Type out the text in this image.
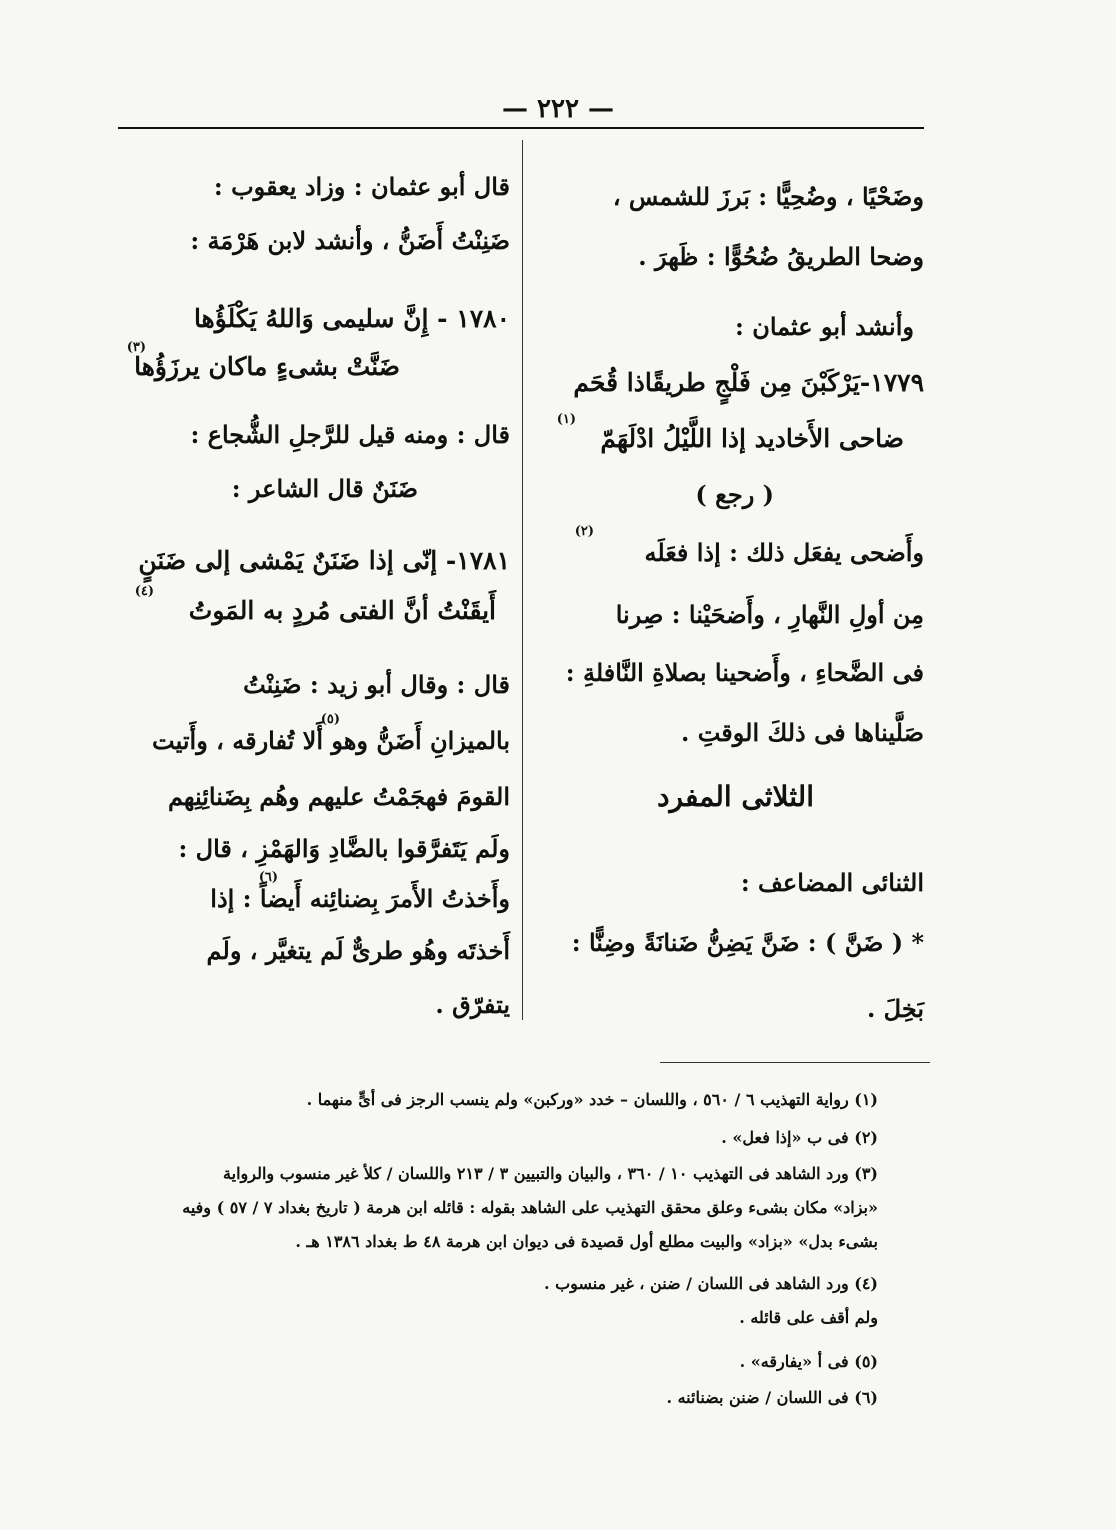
— ٢٢٢ —
وضَحْيًا ، وضُحِيًّا : بَرزَ للشمس ،
وضحا الطريقُ ضُحُوًّا : ظَهرَ .
وأنشد أبو عثمان :
١٧٧٩-يَرْكَبْنَ مِن فَلْجٍ طريقًاذا قُحَم
ضاحى الأَخاديد إذا اللَّيْلُ ادْلَهَمّ
(١)
( رجع )
وأَضحى يفعَل ذلك : إذا فعَلَه
(٢)
مِن أولِ النَّهارِ ، وأَضحَيْنا : صِرنا
فى الضَّحاءِ ، وأَضحينا بصلاةِ النَّافلةِ :
صَلَّيناها فى ذلكَ الوقتِ .
الثلاثى المفرد
الثنائى المضاعف :
* ( ضَنَّ ) : ضَنَّ يَضِنُّ ضَنانَةً وضِنًّا :
بَخِلَ .
قال أبو عثمان : وزاد يعقوب :
ضَنِنْتُ أَضَنُّ ، وأنشد لابن هَرْمَة :
١٧٨٠ - إِنَّ سليمى وَاللهُ يَكْلَؤُها
ضَنَّتْ بشىءٍ ماكان يرزَؤُها
(٣)
قال : ومنه قيل للرَّجلِ الشُّجاع :
ضَنَنٌ قال الشاعر :
١٧٨١- إنّى إذا ضَنَنٌ يَمْشى إلى ضَنَنٍ
أَيقَنْتُ أنَّ الفتى مُردٍ به المَوتُ
(٤)
قال : وقال أبو زيد : ضَنِنْتُ
بالميزانِ أَضَنُّ وهو أَلا تُفارقه ، وأَتيت
(٥)
القومَ فهجَمْتُ عليهم وهُم بِضَنائِنِهم
ولَم يَتَفرَّقوا بالضَّادِ وَالهَمْزِ ، قال :
وأَخذتُ الأَمرَ بِضنائِنه أَيضاً : إذا
(٦)
أَخذتَه وهُو طرىٌّ لَم يتغيَّر ، ولَم
يتفرّق .
(١) رواية التهذيب ٦ / ٥٦٠ ، واللسان – خدد «وركبن» ولم ينسب الرجز فى أىٍّ منهما .
(٢) فى ب «إذا فعل» .
(٣) ورد الشاهد فى التهذيب ١٠ / ٣٦٠ ، والبيان والتبيين ٣ / ٢١٣ واللسان / كلأ غير منسوب والرواية
«بزاد» مكان بشىء وعلق محقق التهذيب على الشاهد بقوله : قائله ابن هرمة ( تاريخ بغداد ٧ / ٥٧ ) وفيه
بشىء بدل» «بزاد» والبيت مطلع أول قصيدة فى ديوان ابن هرمة ٤٨ ط بغداد ١٣٨٦ هـ .
(٤) ورد الشاهد فى اللسان / ضنن ، غير منسوب .
ولم أقف على قائله .
(٥) فى أ «يفارقه» .
(٦) فى اللسان / ضنن بضنائنه .
